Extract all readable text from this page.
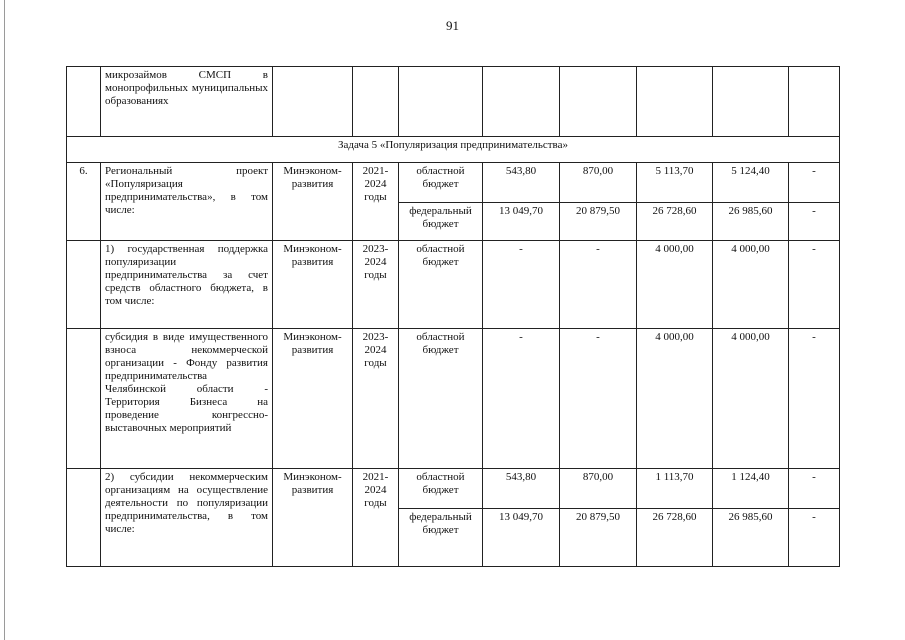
91
	микрозаймов СМСП в монопрофильных муниципальных образованиях								
Задача 5 «Популяризация предпринимательства»									
6.	Региональный проект «Популяризация предпринимательства», в том числе:	Минэконом-развития	2021-2024 годы	областной бюджет	543,80	870,00	5 113,70	5 124,40	-
				федеральный бюджет	13 049,70	20 879,50	26 728,60	26 985,60	-
	1) государственная поддержка популяризации предпринимательства за счет средств областного бюджета, в том числе:	Минэконом-развития	2023-2024 годы	областной бюджет	-	-	4 000,00	4 000,00	-
	субсидия в виде имущественного взноса некоммерческой организации - Фонду развития предпринимательства Челябинской области - Территория Бизнеса на проведение конгрессно-выставочных мероприятий	Минэконом-развития	2023-2024 годы	областной бюджет	-	-	4 000,00	4 000,00	-
	2) субсидии некоммерческим организациям на осуществление деятельности по популяризации предпринимательства, в том числе:	Минэконом-развития	2021-2024 годы	областной бюджет	543,80	870,00	1 113,70	1 124,40	-
				федеральный бюджет	13 049,70	20 879,50	26 728,60	26 985,60	-
